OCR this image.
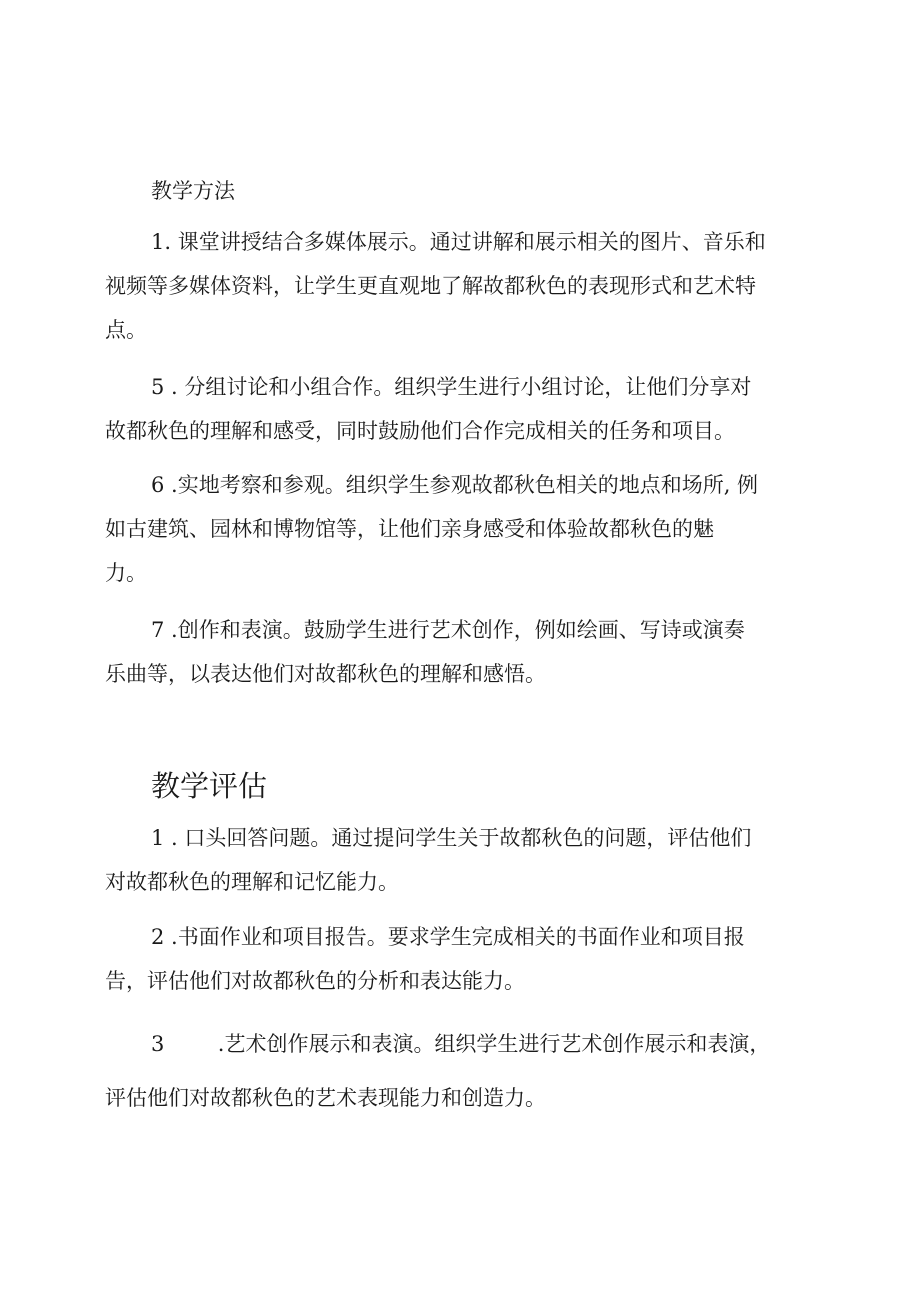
教学方法
1. 课堂讲授结合多媒体展示。通过讲解和展示相关的图片、音乐和
视频等多媒体资料，让学生更直观地了解故都秋色的表现形式和艺术特
点。
5 . 分组讨论和小组合作。组织学生进行小组讨论，让他们分享对
故都秋色的理解和感受，同时鼓励他们合作完成相关的任务和项目。
6 .实地考察和参观。组织学生参观故都秋色相关的地点和场所, 例
如古建筑、园林和博物馆等，让他们亲身感受和体验故都秋色的魅
力。
7 .创作和表演。鼓励学生进行艺术创作，例如绘画、写诗或演奏
乐曲等，以表达他们对故都秋色的理解和感悟。
教学评估
1 . 口头回答问题。通过提问学生关于故都秋色的问题，评估他们
对故都秋色的理解和记忆能力。
2 .书面作业和项目报告。要求学生完成相关的书面作业和项目报
告，评估他们对故都秋色的分析和表达能力。
3        .艺术创作展示和表演。组织学生进行艺术创作展示和表演，
评估他们对故都秋色的艺术表现能力和创造力。
